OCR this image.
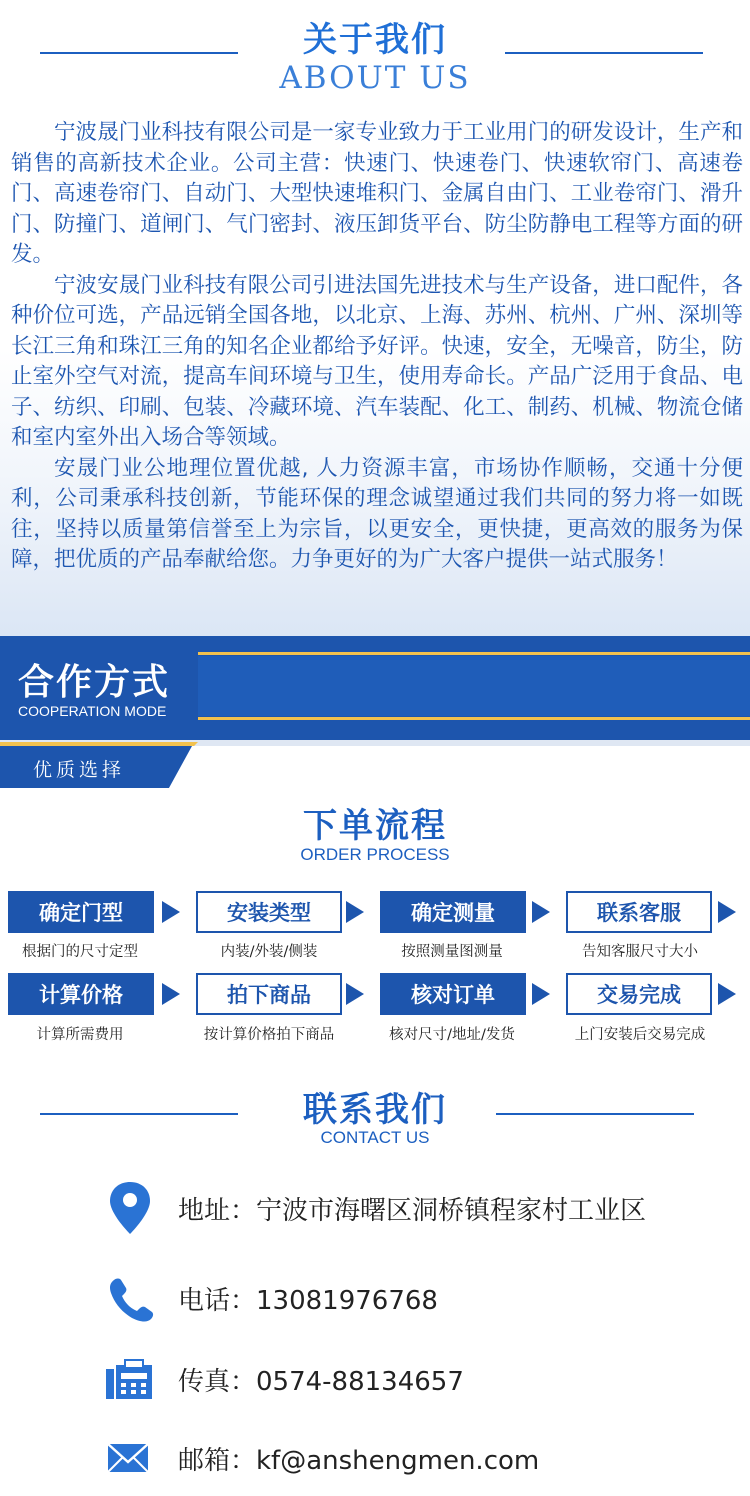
关于我们
ABOUT US

宁波晟门业科技有限公司是一家专业致力于工业用门的研发设计，生产和销售的高新技术企业。公司主营：快速门、快速卷门、快速软帘门、高速卷门、高速卷帘门、自动门、大型快速堆积门、金属自由门、工业卷帘门、滑升门、防撞门、道闸门、气门密封、液压卸货平台、防尘防静电工程等方面的研发。

宁波安晟门业科技有限公司引进法国先进技术与生产设备，进口配件，各种价位可选，产品远销全国各地，以北京、上海、苏州、杭州、广州、深圳等长江三角和珠江三角的知名企业都给予好评。快速，安全，无噪音，防尘，防止室外空气对流，提高车间环境与卫生，使用寿命长。产品广泛用于食品、电子、纺织、印刷、包装、冷藏环境、汽车装配、化工、制药、机械、物流仓储和室内室外出入场合等领域。

安晟门业公地理位置优越, 人力资源丰富，市场协作顺畅，交通十分便利，公司秉承科技创新，节能环保的理念诚望通过我们共同的努力将一如既往，坚持以质量第信誉至上为宗旨，以更安全，更快捷，更高效的服务为保障，把优质的产品奉献给您。力争更好的为广大客户提供一站式服务！

合作方式
COOPERATION MODE
优质选择
下单流程
ORDER PROCESS
确定门型
根据门的尺寸定型
安装类型
内装/外装/侧装
确定测量
按照测量图测量
联系客服
告知客服尺寸大小
计算价格
计算所需费用
拍下商品
按计算价格拍下商品
核对订单
核对尺寸/地址/发货
交易完成
上门安装后交易完成
联系我们
CONTACT US
地址：宁波市海曙区洞桥镇程家村工业区
电话：13081976768
传真：0574-88134657
邮箱：kf@anshengmen.com
